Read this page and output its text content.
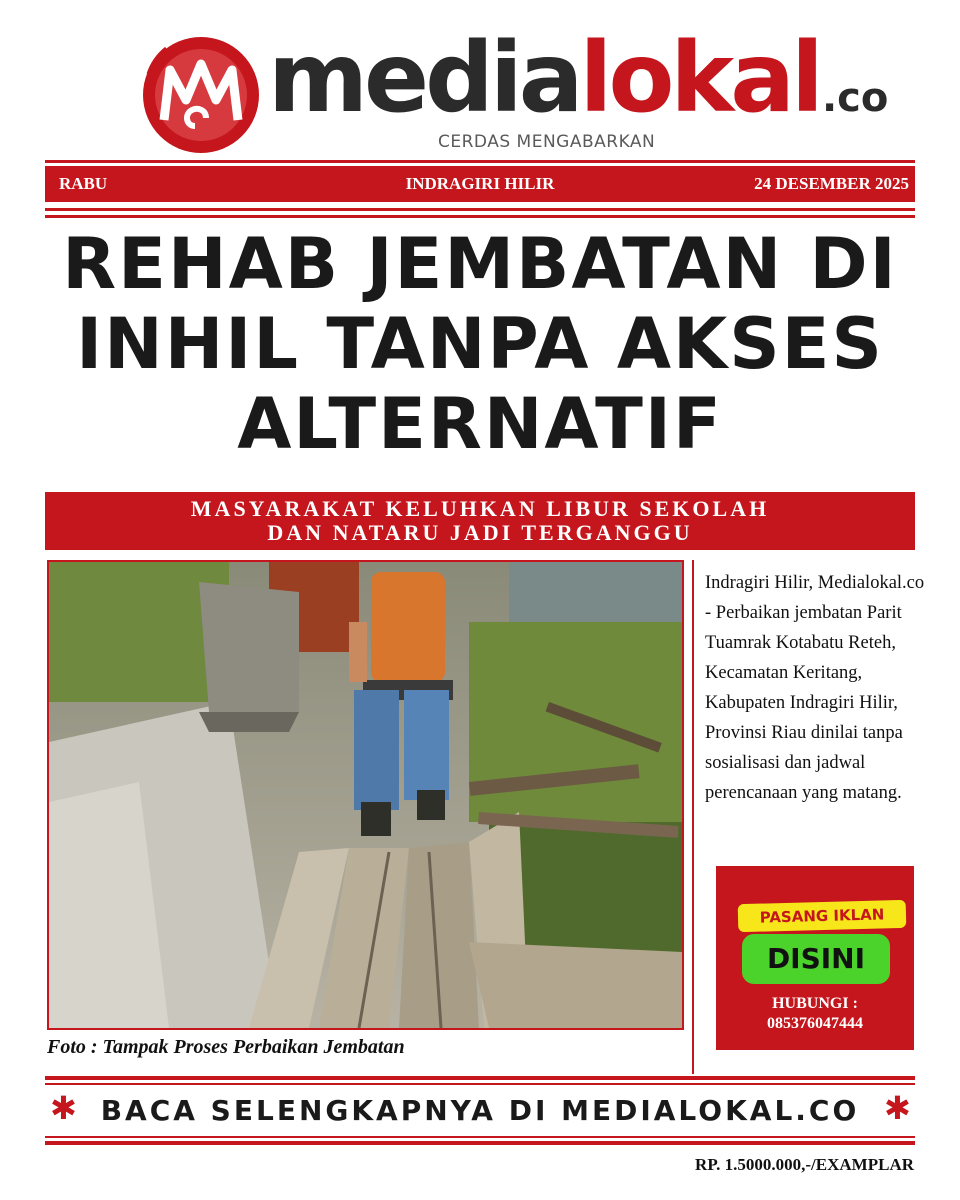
media lokal .co
CERDAS MENGABARKAN
RABU	INDRAGIRI HILIR	24 DESEMBER 2025
REHAB JEMBATAN DI
INHIL TANPA AKSES
ALTERNATIF
MASYARAKAT KELUHKAN LIBUR SEKOLAH
DAN NATARU JADI TERGANGGU
Foto : Tampak Proses Perbaikan Jembatan
Indragiri Hilir, Medialokal.co - Perbaikan jembatan Parit Tuamrak Kotabatu Reteh, Kecamatan Keritang, Kabupaten Indragiri Hilir, Provinsi Riau dinilai tanpa sosialisasi dan jadwal perencanaan yang matang.
PASANG IKLAN
DISINI
HUBUNGI :
085376047444
✱ BACA SELENGKAPNYA DI MEDIALOKAL.CO ✱
RP. 1.5000.000,-/EXAMPLAR
